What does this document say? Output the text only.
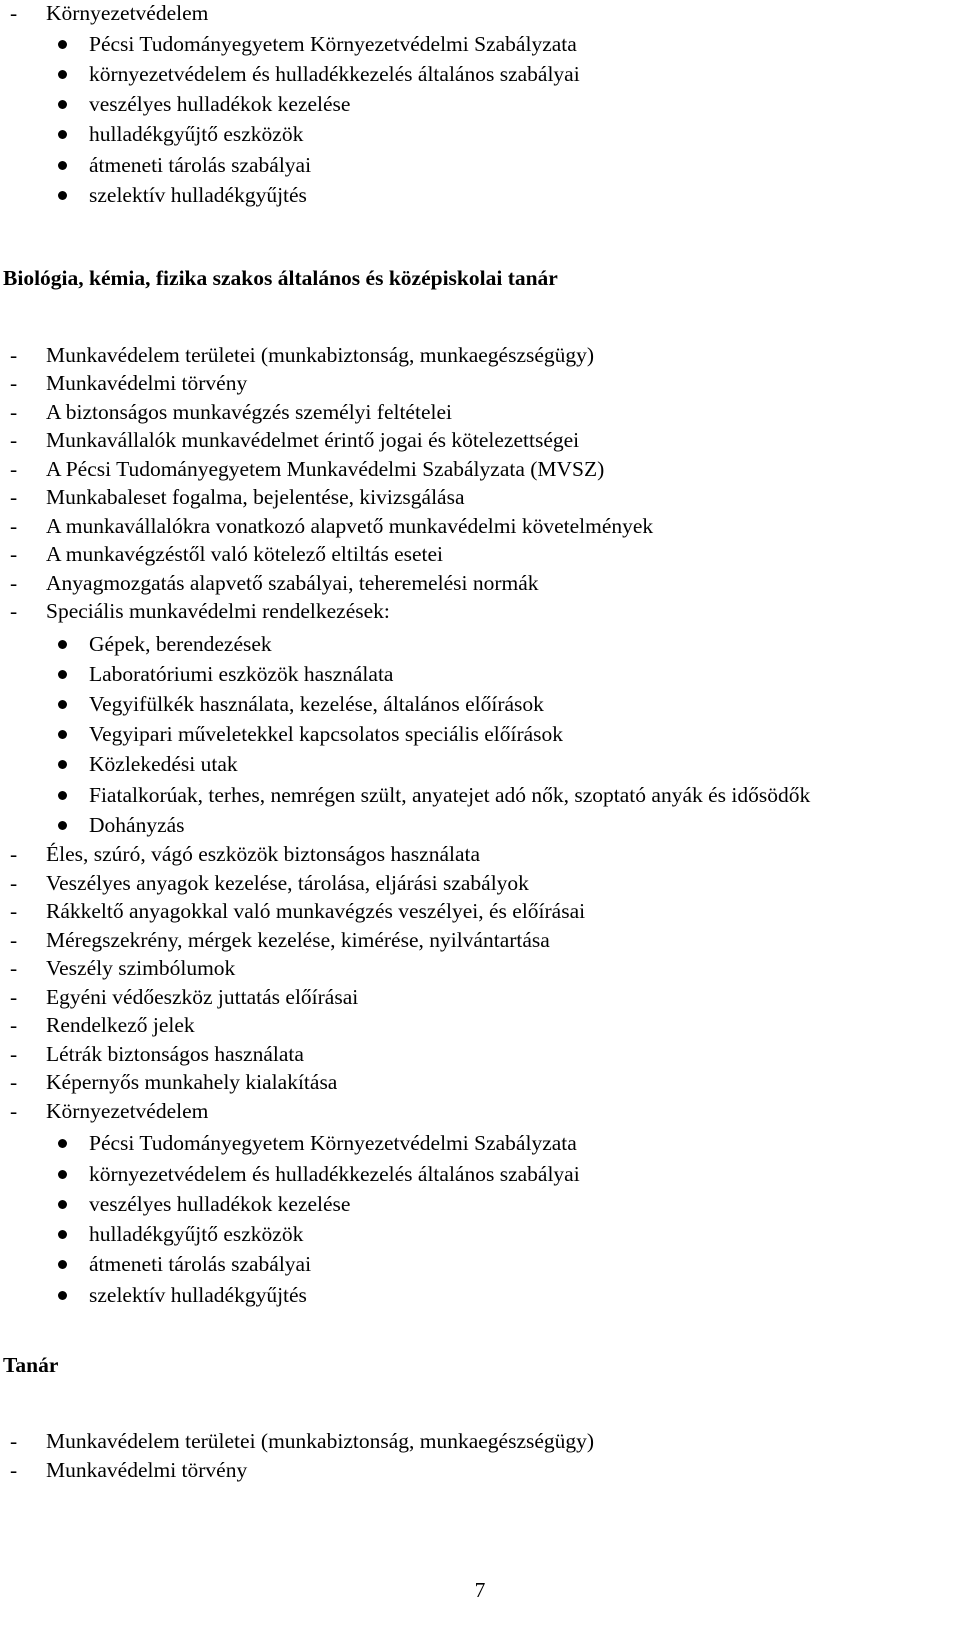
- Környezetvédelem
Pécsi Tudományegyetem Környezetvédelmi Szabályzata
környezetvédelem és hulladékkezelés általános szabályai
veszélyes hulladékok kezelése
hulladékgyűjtő eszközök
átmeneti tárolás szabályai
szelektív hulladékgyűjtés
Biológia, kémia, fizika szakos általános és középiskolai tanár
- Munkavédelem területei (munkabiztonság, munkaegészségügy)
- Munkavédelmi törvény
- A biztonságos munkavégzés személyi feltételei
- Munkavállalók munkavédelmet érintő jogai és kötelezettségei
- A Pécsi Tudományegyetem Munkavédelmi Szabályzata (MVSZ)
- Munkabaleset fogalma, bejelentése, kivizsgálása
- A munkavállalókra vonatkozó alapvető munkavédelmi követelmények
- A munkavégzéstől való kötelező eltiltás esetei
- Anyagmozgatás alapvető szabályai, teheremelési normák
- Speciális munkavédelmi rendelkezések:
Gépek, berendezések
Laboratóriumi eszközök használata
Vegyifülkék használata, kezelése, általános előírások
Vegyipari műveletekkel kapcsolatos speciális előírások
Közlekedési utak
Fiatalkorúak, terhes, nemrégen szült, anyatejet adó nők, szoptató anyák és idősödők
Dohányzás
- Éles, szúró, vágó eszközök biztonságos használata
- Veszélyes anyagok kezelése, tárolása, eljárási szabályok
- Rákkeltő anyagokkal való munkavégzés veszélyei, és előírásai
- Méregszekrény, mérgek kezelése, kimérése, nyilvántartása
- Veszély szimbólumok
- Egyéni védőeszköz juttatás előírásai
- Rendelkező jelek
- Létrák biztonságos használata
- Képernyős munkahely kialakítása
- Környezetvédelem
Pécsi Tudományegyetem Környezetvédelmi Szabályzata
környezetvédelem és hulladékkezelés általános szabályai
veszélyes hulladékok kezelése
hulladékgyűjtő eszközök
átmeneti tárolás szabályai
szelektív hulladékgyűjtés
Tanár
- Munkavédelem területei (munkabiztonság, munkaegészségügy)
- Munkavédelmi törvény
7
